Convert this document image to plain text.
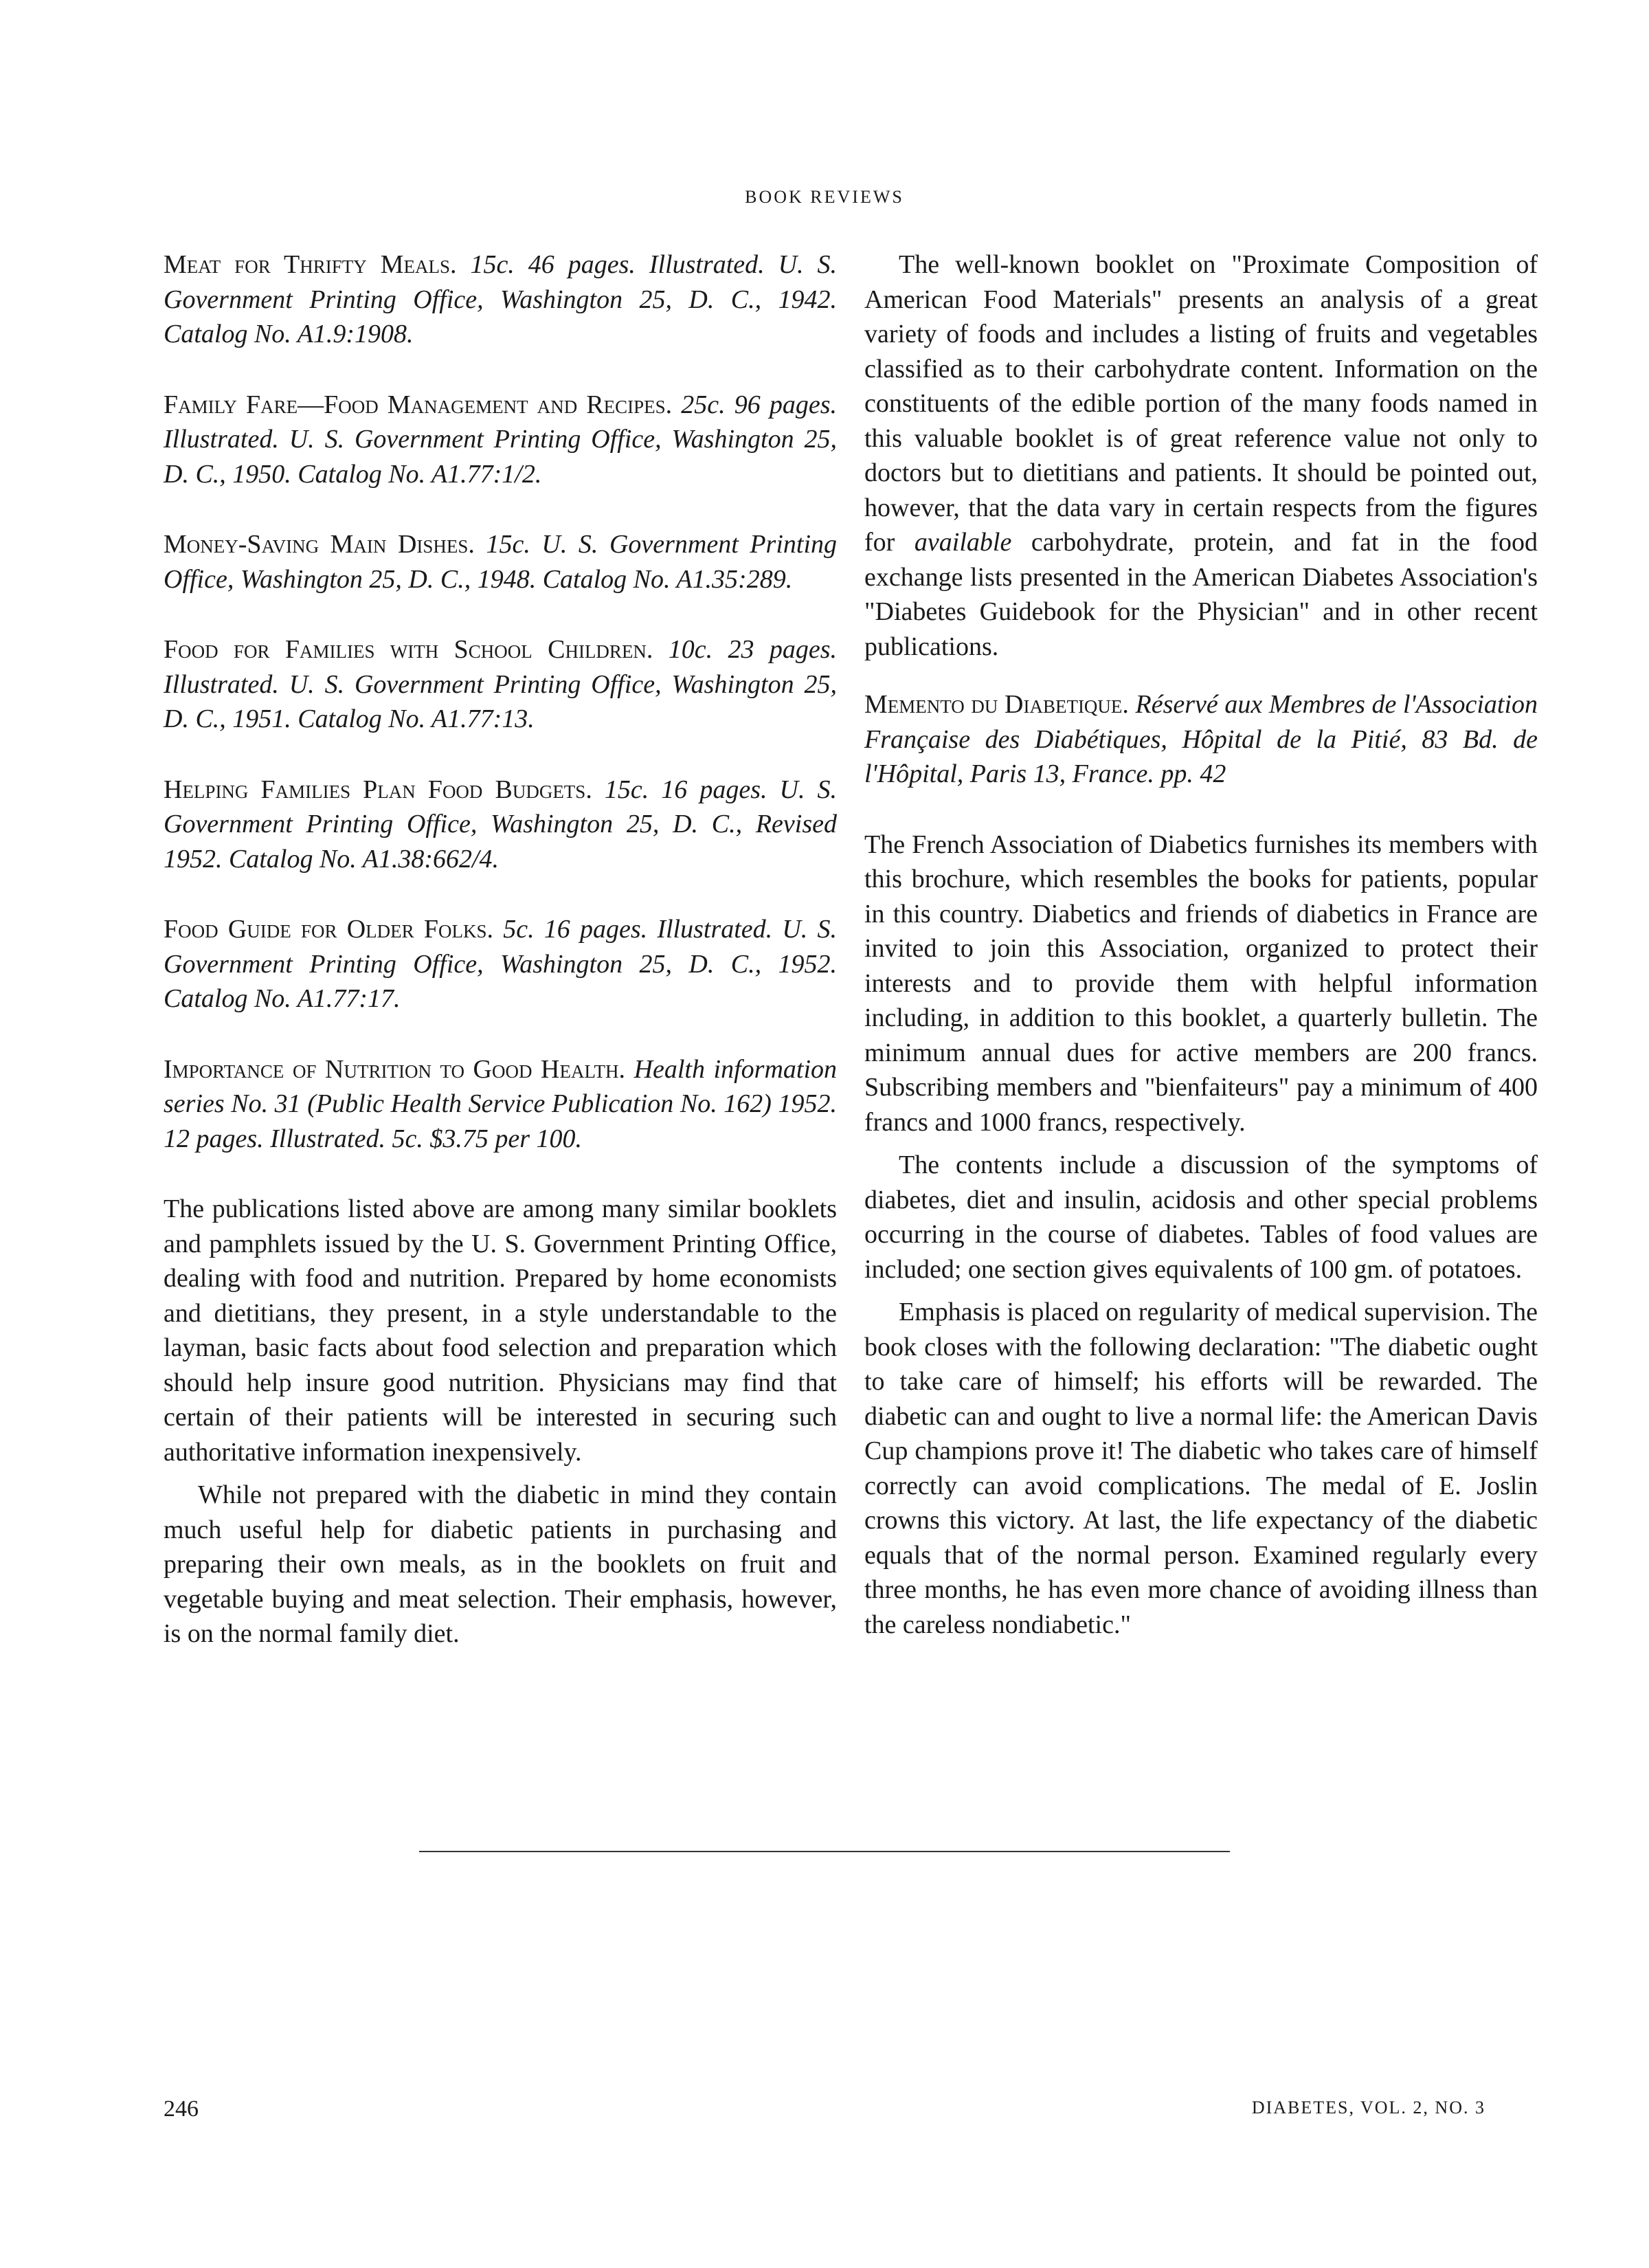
BOOK REVIEWS

Meat for Thrifty Meals. 15c. 46 pages. Illustrated. U. S. Government Printing Office, Washington 25, D. C., 1942. Catalog No. A1.9:1908.

Family Fare—Food Management and Recipes. 25c. 96 pages. Illustrated. U. S. Government Printing Office, Washington 25, D. C., 1950. Catalog No. A1.77:1/2.

Money-Saving Main Dishes. 15c. U. S. Government Printing Office, Washington 25, D. C., 1948. Catalog No. A1.35:289.

Food for Families with School Children. 10c. 23 pages. Illustrated. U. S. Government Printing Office, Washington 25, D. C., 1951. Catalog No. A1.77:13.

Helping Families Plan Food Budgets. 15c. 16 pages. U. S. Government Printing Office, Washington 25, D. C., Revised 1952. Catalog No. A1.38:662/4.

Food Guide for Older Folks. 5c. 16 pages. Illustrated. U. S. Government Printing Office, Washington 25, D. C., 1952. Catalog No. A1.77:17.

Importance of Nutrition to Good Health. Health information series No. 31 (Public Health Service Publication No. 162) 1952. 12 pages. Illustrated. 5c. $3.75 per 100.

The publications listed above are among many similar booklets and pamphlets issued by the U. S. Government Printing Office, dealing with food and nutrition. Prepared by home economists and dietitians, they present, in a style understandable to the layman, basic facts about food selection and preparation which should help insure good nutrition. Physicians may find that certain of their patients will be interested in securing such authoritative information inexpensively.

While not prepared with the diabetic in mind they contain much useful help for diabetic patients in purchasing and preparing their own meals, as in the booklets on fruit and vegetable buying and meat selection. Their emphasis, however, is on the normal family diet.

The well-known booklet on "Proximate Composition of American Food Materials" presents an analysis of a great variety of foods and includes a listing of fruits and vegetables classified as to their carbohydrate content. Information on the constituents of the edible portion of the many foods named in this valuable booklet is of great reference value not only to doctors but to dietitians and patients. It should be pointed out, however, that the data vary in certain respects from the figures for available carbohydrate, protein, and fat in the food exchange lists presented in the American Diabetes Association's "Diabetes Guidebook for the Physician" and in other recent publications.

Memento du Diabetique. Réservé aux Membres de l'Association Française des Diabétiques, Hôpital de la Pitié, 83 Bd. de l'Hôpital, Paris 13, France. pp. 42

The French Association of Diabetics furnishes its members with this brochure, which resembles the books for patients, popular in this country. Diabetics and friends of diabetics in France are invited to join this Association, organized to protect their interests and to provide them with helpful information including, in addition to this booklet, a quarterly bulletin. The minimum annual dues for active members are 200 francs. Subscribing members and "bienfaiteurs" pay a minimum of 400 francs and 1000 francs, respectively.

The contents include a discussion of the symptoms of diabetes, diet and insulin, acidosis and other special problems occurring in the course of diabetes. Tables of food values are included; one section gives equivalents of 100 gm. of potatoes.

Emphasis is placed on regularity of medical supervision. The book closes with the following declaration: "The diabetic ought to take care of himself; his efforts will be rewarded. The diabetic can and ought to live a normal life: the American Davis Cup champions prove it! The diabetic who takes care of himself correctly can avoid complications. The medal of E. Joslin crowns this victory. At last, the life expectancy of the diabetic equals that of the normal person. Examined regularly every three months, he has even more chance of avoiding illness than the careless nondiabetic."

246	DIABETES, VOL. 2, NO. 3
